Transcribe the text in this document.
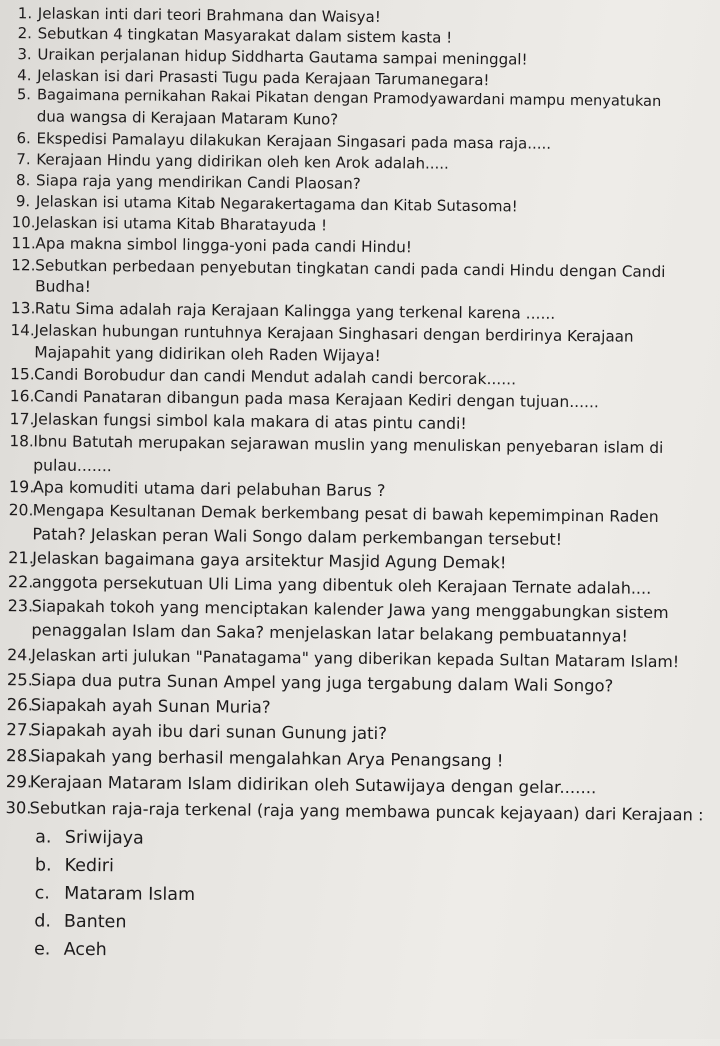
1. Jelaskan inti dari teori Brahmana dan Waisya!
2. Sebutkan 4 tingkatan Masyarakat dalam sistem kasta !
3. Uraikan perjalanan hidup Siddharta Gautama sampai meninggal!
4. Jelaskan isi dari Prasasti Tugu pada Kerajaan Tarumanegara!
5. Bagaimana pernikahan Rakai Pikatan dengan Pramodyawardani mampu menyatukan
dua wangsa di Kerajaan Mataram Kuno?
6. Ekspedisi Pamalayu dilakukan Kerajaan Singasari pada masa raja.....
7. Kerajaan Hindu yang didirikan oleh ken Arok adalah.....
8. Siapa raja yang mendirikan Candi Plaosan?
9. Jelaskan isi utama Kitab Negarakertagama dan Kitab Sutasoma!
10. Jelaskan isi utama Kitab Bharatayuda !
11. Apa makna simbol lingga-yoni pada candi Hindu!
12. Sebutkan perbedaan penyebutan tingkatan candi pada candi Hindu dengan Candi
Budha!
13. Ratu Sima adalah raja Kerajaan Kalingga yang terkenal karena ......
14. Jelaskan hubungan runtuhnya Kerajaan Singhasari dengan berdirinya Kerajaan
Majapahit yang didirikan oleh Raden Wijaya!
15. Candi Borobudur dan candi Mendut adalah candi bercorak......
16. Candi Panataran dibangun pada masa Kerajaan Kediri dengan tujuan......
17.
Jelaskan fungsi simbol kala makara di atas pintu candi!
18. Ibnu Batutah merupakan sejarawan muslin yang menuliskan penyebaran islam di
pulau.......
19.
Apa komuditi utama dari pelabuhan Barus ?
20.
Mengapa Kesultanan Demak berkembang pesat di bawah kepemimpinan Raden
Patah? Jelaskan peran Wali Songo dalam perkembangan tersebut!
21.
Jelaskan bagaimana gaya arsitektur Masjid Agung Demak!
22.
anggota persekutuan Uli Lima yang dibentuk oleh Kerajaan Ternate adalah....
23.
Siapakah tokoh yang menciptakan kalender Jawa yang menggabungkan sistem
penaggalan Islam dan Saka? menjelaskan latar belakang pembuatannya!
24.
Jelaskan arti julukan "Panatagama" yang diberikan kepada Sultan Mataram Islam!
25.
Siapa dua putra Sunan Ampel yang juga tergabung dalam Wali Songo?
26.
Siapakah ayah Sunan Muria?
27.
Siapakah ayah ibu dari sunan Gunung jati?
28.
Siapakah yang berhasil mengalahkan Arya Penangsang !
29.
Kerajaan Mataram Islam didirikan oleh Sutawijaya dengan gelar.......
30.
Sebutkan raja-raja terkenal (raja yang membawa puncak kejayaan) dari Kerajaan :
a. Sriwijaya
b. Kediri
c. Mataram Islam
d. Banten
e. Aceh
